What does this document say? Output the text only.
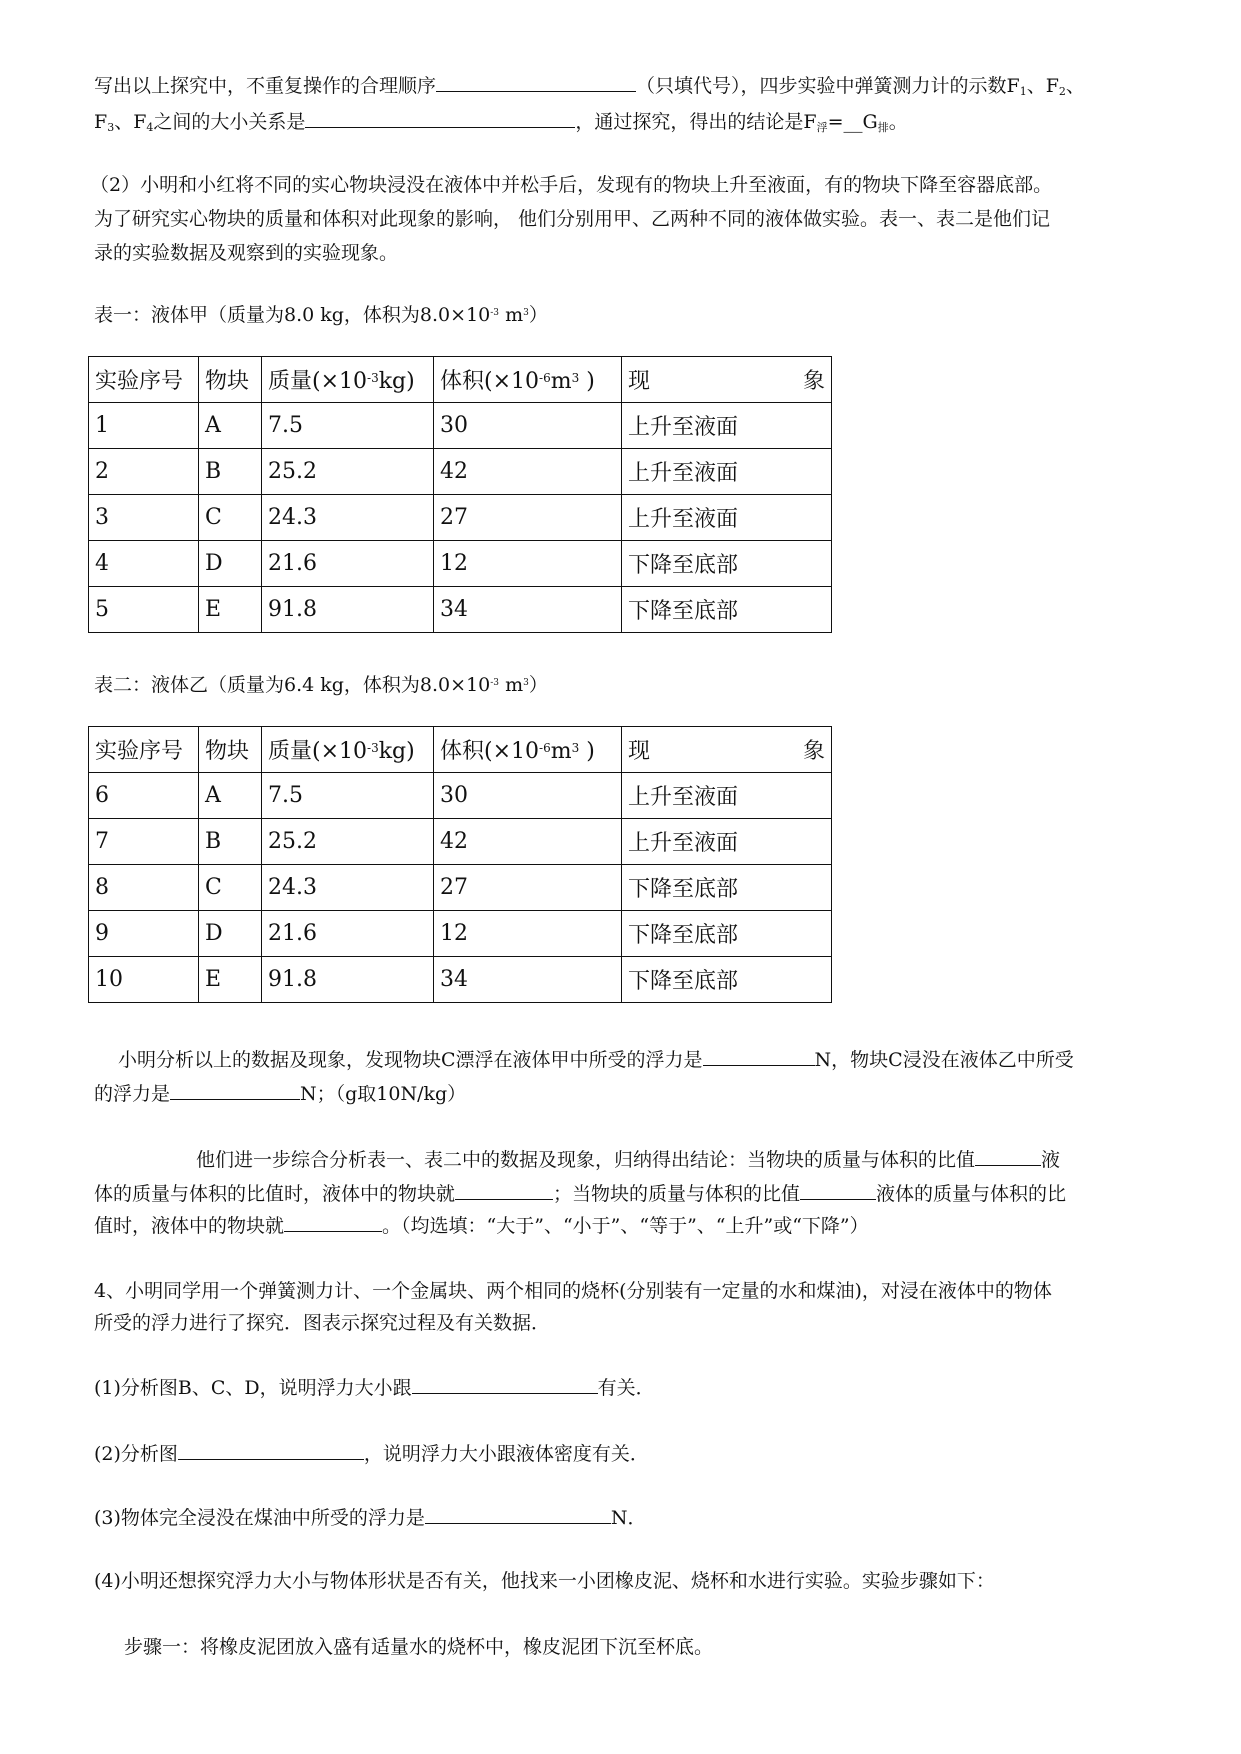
写出以上探究中，不重复操作的合理顺序	（只填代号），四步实验中弹簧测力计的示数$F_1$、$F_2$、
$F_3$、$F_4$之间的大小关系是	，通过探究，得出的结论是$F_浮=\_\_G_排$。
（2）小明和小红将不同的实心物块浸没在液体中并松手后，发现有的物块上升至液面，有的物块下降至容器底部。
为了研究实心物块的质量和体积对此现象的影响， 他们分别用甲、乙两种不同的液体做实验。表一、表二是他们记
录的实验数据及观察到的实验现象。
表一：液体甲（质量为8.0 kg，体积为$8.0\times 10^{-3}$ $m^3$）
实验序号	物块	质量$(\times 10^{-3}kg)$	体积($\times 10^{-6}m^3$ )	现 象

1	A	7.5	30	上升至液面
2	B	25.2	42	上升至液面
3	C	24.3	27	上升至液面
4	D	21.6	12	下降至底部
5	E	91.8	34	下降至底部
表二：液体乙（质量为6.4 kg，体积为$8.0\times 10^{-3}$ $m^3$）
实验序号	物块	质量$(\times 10^{-3}kg)$	体积($\times 10^{-6}m^3$ )	现 象

6	A	7.5	30	上升至液面
7	B	25.2	42	上升至液面
8	C	24.3	27	下降至底部
9	D	21.6	12	下降至底部
10	E	91.8	34	下降至底部
小明分析以上的数据及现象，发现物块C漂浮在液体甲中所受的浮力是	N，物块C浸没在液体乙中所受
的浮力是	N；（g取10N/kg）
他们进一步综合分析表一、表二中的数据及现象，归纳得出结论：当物块的质量与体积的比值	液
体的质量与体积的比值时，液体中的物块就	；当物块的质量与体积的比值	液体的质量与体积的比
值时，液体中的物块就	。（均选填：“大于”、“小于”、“等于”、“上升”或“下降”）
4、小明同学用一个弹簧测力计、一个金属块、两个相同的烧杯(分别装有一定量的水和煤油)，对浸在液体中的物体
所受的浮力进行了探究．图表示探究过程及有关数据．
(1)分析图B、C、D，说明浮力大小跟	有关．
(2)分析图	，说明浮力大小跟液体密度有关．
(3)物体完全浸没在煤油中所受的浮力是	N．
(4)小明还想探究浮力大小与物体形状是否有关，他找来一小团橡皮泥、烧杯和水进行实验。实验步骤如下：
步骤一：将橡皮泥团放入盛有适量水的烧杯中，橡皮泥团下沉至杯底。
